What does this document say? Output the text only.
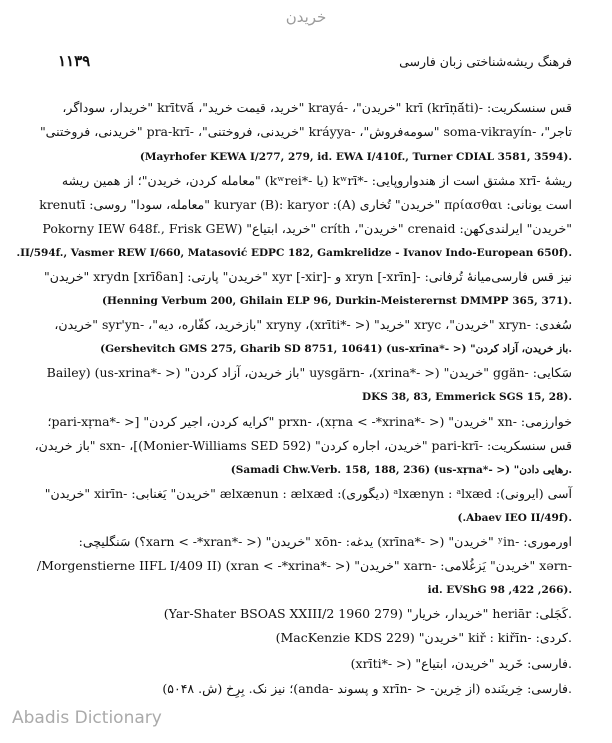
خریدن
۱۱۳۹	فرهنگ ریشه‌شناختی زبان فارسی
قس سنسکریت: -krī (krīṇā́ti) "خریدن"، -krayá "خرید، قیمت خرید"، krītvā́ "خریدار، سوداگر،
تاجر"، -soma-vikrayín "سومه‌فروش"، -kráyya "خریدنی، فروختنی"، -pra-krī "خریدنی، فروختنی"
.(Mayrhofer KEWA I/277, 279, id. EWA I/410f., Turner CDIAL 3581, 3594)
ریشهٔ -xrī مشتق است از هندواروپایی: -*kʷrī (یا -*kʷrei) "معامله کردن، خریدن"؛ از همین ریشه
است یونانی: πρίασθαι "خریدن" تُخاری (A): kuryar (B): karyor "معامله، سودا" روسی: krenutī
"خریدن" ایرلندی‌کهن: crenaid "خریدن"، críth "خرید، ابتیاع" (Pokorny IEW 648f., Frisk GEW
.(II/594f., Vasmer REW I/660, Matasović EDPC 182, Gamkrelidze - Ivanov Indo-European 650f.
نیز قس فارسی‌میانهٔ تُرفانی: -xryn [-xrīn] و -xyr [-xir] "خریدن" پارتی: xrydn [xrīδan] "خریدن"
.(Henning Verbum 200, Ghilain ELP 96, Durkin-Meisterernst DMMPP 365, 371)
سُغدی: -xryn "خریدن"، xryc "خرید" (< -*xrīti)، xryny "بازخرید، کفّاره، دیه"، -syr'yn "خریدن،
.باز خریدن، آزاد کردن" (< -*us-xrīna) (Gershevitch GMS 275, Gharib SD 8751, 10641)
سَکایی: -ggän "خریدن" (< -*xrina)، -uysgärn "باز خریدن، آزاد کردن" (< -*us-xrina) (Bailey
.(DKS 38, 83, Emmerick SGS 15, 28
خوارزمی: -xn "خریدن" (< -*xṛna < -*xrina)، -prxn "کرایه کردن، اجیر کردن" [< -*pari-xṛna؛
قس سنسکریت: -pari-krī "خریدن، اجاره کردن" (Monier-Williams SED 592)]، -sxn "باز خریدن،
.رهایی دادن" (< -*us-xṛna) (Samadi Chw.Verb. 158, 188, 236)
آسی (ایرونی): ᵃlxænyn : ᵃlxæd (دیگوری): ælxænun : ælxæd "خریدن" یَغنابی: -xirīn "خریدن"
.(Abaev IEO II/49f.)
اورموری: -ʸin "خریدن" (< -*xrīna) یدغه: -xōn "خریدن" (< -*xarn < -*xran؟) سَنگلیچی:
-xərn "خریدن" یَزغُلامی: -xarn "خریدن" (< -*xran < -*xrina) (Morgenstierne IIFL I/409 II/
.(266, 422, id. EVShG 98
.کَجَلی: heriār "خریدار، خریار" (Yar-Shater BSOAS XXIII/2 1960 279)
.کردی: -kiř : kiřīn "خریدن" (MacKenzie KDS 229)
.فارسی: خَرید "خریدن، ابتیاع" (< -*xrīti)
.فارسی: خِرینَنده (از خِرین- < -xrīn و پسوند -anda)؛ نیز نک. بِرِخ (ش. ۵۰۴۸)
Abadis Dictionary
